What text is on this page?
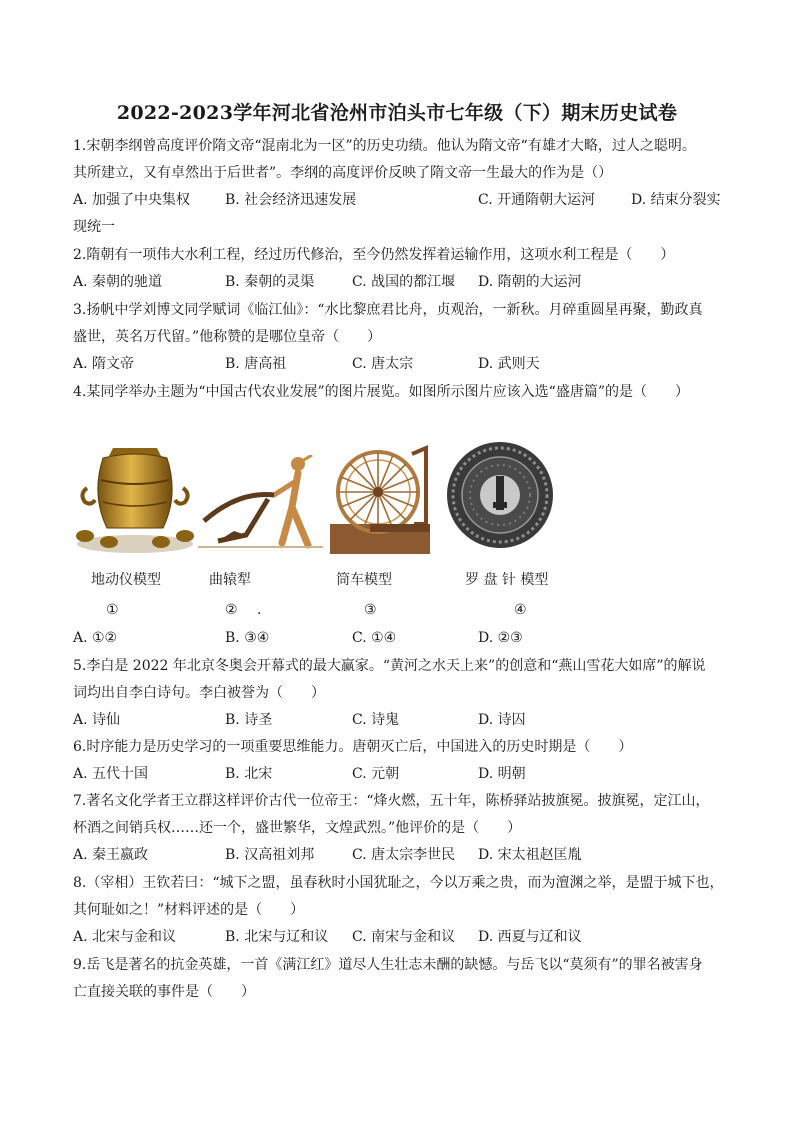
2022-2023学年河北省沧州市泊头市七年级（下）期末历史试卷
1.宋朝李纲曾高度评价隋文帝“混南北为一区”的历史功绩。他认为隋文帝“有雄才大略，过人之聪明。
其所建立，又有卓然出于后世者”。李纲的高度评价反映了隋文帝一生最大的作为是（）
A. 加强了中央集权 B. 社会经济迅速发展	C. 开通隋朝大运河	D. 结束分裂实
现统一
2.隋朝有一项伟大水利工程，经过历代修治，至今仍然发挥着运输作用，这项水利工程是（　　）
A. 秦朝的驰道	B. 秦朝的灵渠	C. 战国的都江堰 D. 隋朝的大运河
3.扬帆中学刘博文同学赋词《临江仙》：“水比黎庶君比舟，贞观治，一新秋。月碎重圆星再聚，勤政真
盛世，英名万代留。”他称赞的是哪位皇帝（　　）
A. 隋文帝	B. 唐高祖	C. 唐太宗	D. 武则天
4.某同学举办主题为“中国古代农业发展”的图片展览。如图所示图片应该入选“盛唐篇”的是（　　）
地动仪模型	曲辕犁	筒车模型	罗 盘 针 模型
①	② .	③	④
A. ①②	B. ③④	C. ①④	D. ②③
5.李白是 2022 年北京冬奥会开幕式的最大赢家。“黄河之水天上来”的创意和“燕山雪花大如席”的解说
词均出自李白诗句。李白被誉为（　　）
A. 诗仙	B. 诗圣	C. 诗鬼	D. 诗囚
6.时序能力是历史学习的一项重要思维能力。唐朝灭亡后，中国进入的历史时期是（　　）
A. 五代十国	B. 北宋	C. 元朝	D. 明朝
7.著名文化学者王立群这样评价古代一位帝王：“烽火燃，五十年，陈桥驿站披旗冕。披旗冕，定江山，
杯酒之间销兵权……还一个，盛世繁华，文煌武烈。”他评价的是（　　）
A. 秦王嬴政	B. 汉高祖刘邦	C. 唐太宗李世民 D. 宋太祖赵匡胤
8.（宰相）王钦若曰：“城下之盟，虽春秋时小国犹耻之，今以万乘之贵，而为澶渊之举，是盟于城下也，
其何耻如之！”材料评述的是（　　）
A. 北宋与金和议	B. 北宋与辽和议 C. 南宋与金和议 D. 西夏与辽和议
9.岳飞是著名的抗金英雄，一首《满江红》道尽人生壮志未酬的缺憾。与岳飞以“莫须有”的罪名被害身
亡直接关联的事件是（　　）
